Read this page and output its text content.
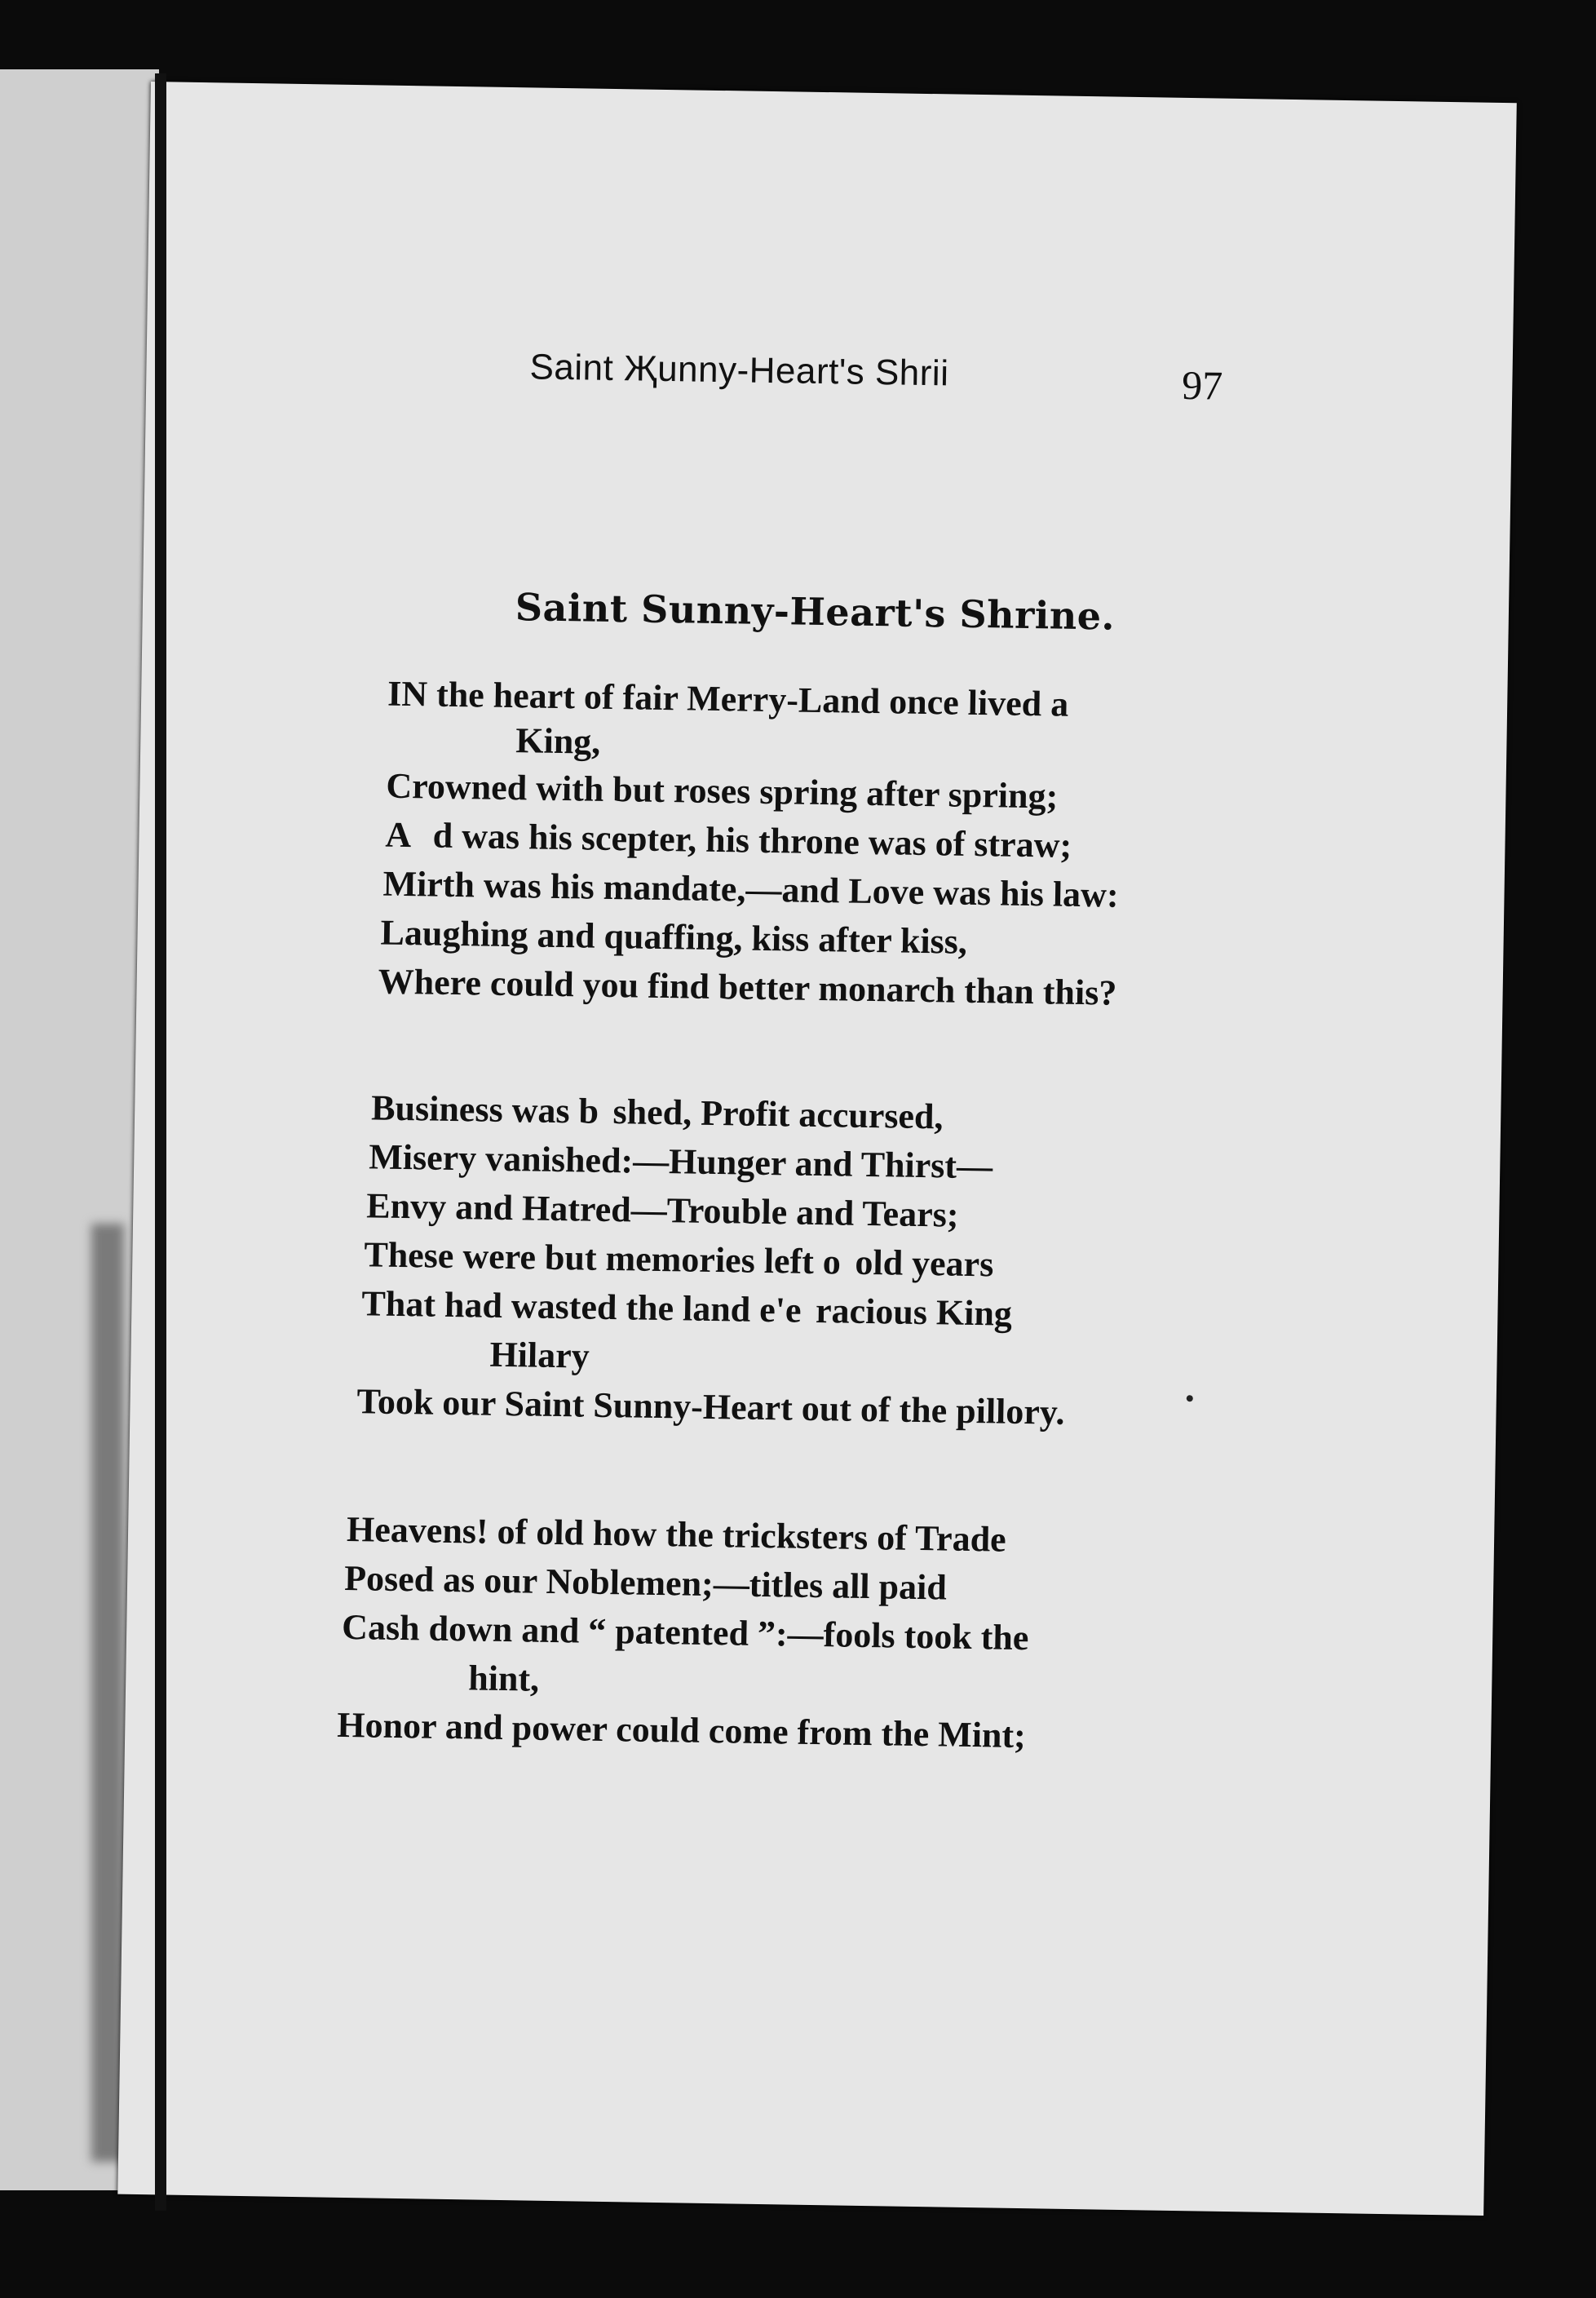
Saint Җunny-Heart's Shrii	97
Saint Sunny-Heart's Shrine.
IN the heart of fair Merry-Land once lived a
King,
Crowned with but roses spring after spring;
A   d was his scepter, his throne was of straw;
Mirth was his mandate,—and Love was his law:
Laughing and quaffing, kiss after kiss,
Where could you find better monarch than this?
Business was b  shed, Profit accursed,
Misery vanished:—Hunger and Thirst—
Envy and Hatred—Trouble and Tears;
These were but memories left o  old years
That had wasted the land e'e  racious King
Hilary
Took our Saint Sunny-Heart out of the pillory.
Heavens! of old how the tricksters of Trade
Posed as our Noblemen;—titles all paid
Cash down and “ patented ”:—fools took the
hint,
Honor and power could come from the Mint;
